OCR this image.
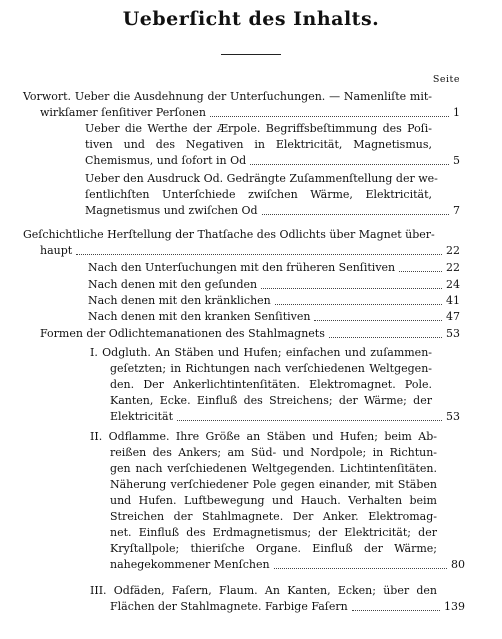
Ueberſicht des Inhalts.
Seite
Vorwort. Ueber die Ausdehnung der Unterſuchungen. — Namenliſte mit-
wirkſamer ſenſitiver Perſonen	1
Ueber die Werthe der Ærpole. Begriffsbeſtimmung des Poſi-
tiven und des Negativen in Elektricität, Magnetismus,
Chemismus, und ſofort in Od	5
Ueber den Ausdruck Od. Gedrängte Zuſammenſtellung der we-
ſentlichſten Unterſchiede zwiſchen Wärme, Elektricität,
Magnetismus und zwiſchen Od	7
Geſchichtliche Herſtellung der Thatſache des Odlichts über Magnet über-
haupt	22
Nach den Unterſuchungen mit den früheren Senſitiven	22
Nach denen mit den geſunden	24
Nach denen mit den kränklichen	41
Nach denen mit den kranken Senſitiven	47
Formen der Odlichtemanationen des Stahlmagnets	53
I. Odgluth. An Stäben und Hufen; einfachen und zuſammen-
geſetzten; in Richtungen nach verſchiedenen Weltgegen-
den. Der Ankerlichtintenſitäten. Elektromagnet. Pole.
Kanten, Ecke. Einfluß des Streichens; der Wärme; der
Elektricität	53
II. Odflamme. Ihre Größe an Stäben und Hufen; beim Ab-
reißen des Ankers; am Süd- und Nordpole; in Richtun-
gen nach verſchiedenen Weltgegenden. Lichtintenſitäten.
Näherung verſchiedener Pole gegen einander, mit Stäben
und Hufen. Luftbewegung und Hauch. Verhalten beim
Streichen der Stahlmagnete. Der Anker. Elektromag-
net. Einfluß des Erdmagnetismus; der Elektricität; der
Kryſtallpole; thieriſche Organe. Einfluß der Wärme;
nahegekommener Menſchen	80
III. Odfäden, Faſern, Flaum. An Kanten, Ecken; über den
Flächen der Stahlmagnete. Farbige Faſern	139
